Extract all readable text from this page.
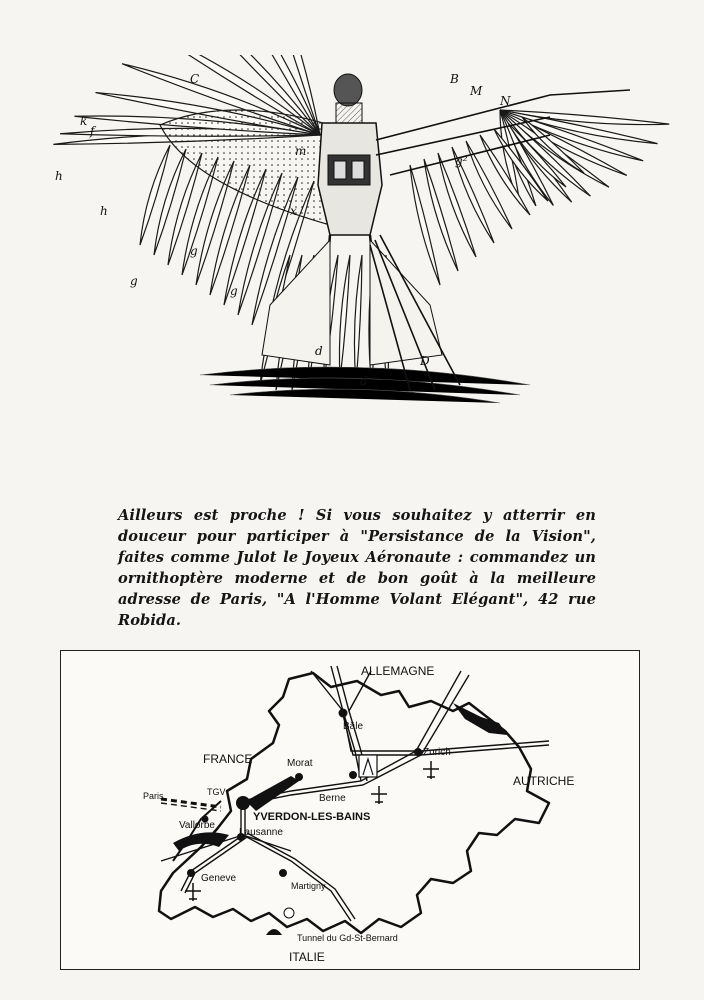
C	B
k
h
h
g
g
g
f
m
M
N
g²
d
d
D
x
Ailleurs est proche ! Si vous souhaitez y atterrir en douceur pour participer à "Persistance de la Vision", faites comme Julot le Joyeux Aéronaute : commandez un ornithoptère moderne et de bon goût à la meilleure adresse de Paris, "A l'Homme Volant Elégant", 42 rue Robida.
ALLEMAGNE
FRANCE
AUTRICHE
ITALIE
Bâle
Zurich
Morat
Berne
YVERDON-LES-BAINS
Vallorbe
Lausanne
Geneve
Martigny
Tunnel du Gd-St-Bernard
Paris	TGV
